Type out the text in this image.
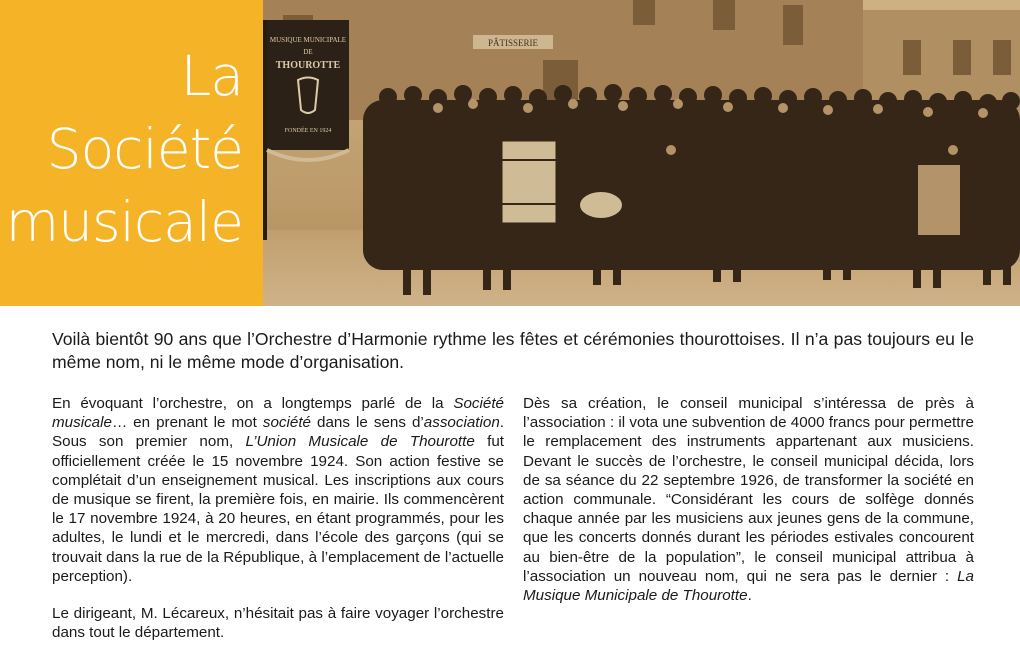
La
Société
musicale
PÂTISSERIE
MUSIQUE MUNICIPALE
DE
THOUROTTE
FONDÉE EN 1924
Voilà bientôt 90 ans que l’Orchestre d’Harmonie rythme les fêtes et cérémonies thourottoises. Il n’a pas toujours eu le même nom, ni le même mode d’organisation.

En évoquant l’orchestre, on a longtemps parlé de la Société musicale… en prenant le mot société dans le sens d’association. Sous son premier nom, L’Union Musicale de Thourotte fut officiellement créée le 15 novembre 1924. Son action festive se complétait d’un enseignement musical. Les inscriptions aux cours de musique se firent, la première fois, en mairie. Ils commencèrent le 17 novembre 1924, à 20 heures, en étant programmés, pour les adultes, le lundi et le mercredi, dans l’école des garçons (qui se trouvait dans la rue de la République, à l’emplacement de l’actuelle perception).

Le dirigeant, M. Lécareux, n’hésitait pas à faire voyager l’orchestre dans tout le département.

Dès sa création, le conseil municipal s’intéressa de près à l’association : il vota une subvention de 4000 francs pour permettre le remplacement des instruments appartenant aux musiciens. Devant le succès de l’orchestre, le conseil municipal décida, lors de sa séance du 22 septembre 1926, de transformer la société en action communale. “Considérant les cours de solfège donnés chaque année par les musiciens aux jeunes gens de la commune, que les concerts donnés durant les périodes estivales concourent au bien-être de la population”, le conseil municipal attribua à l’association un nouveau nom, qui ne sera pas le dernier : La Musique Municipale de Thourotte.
